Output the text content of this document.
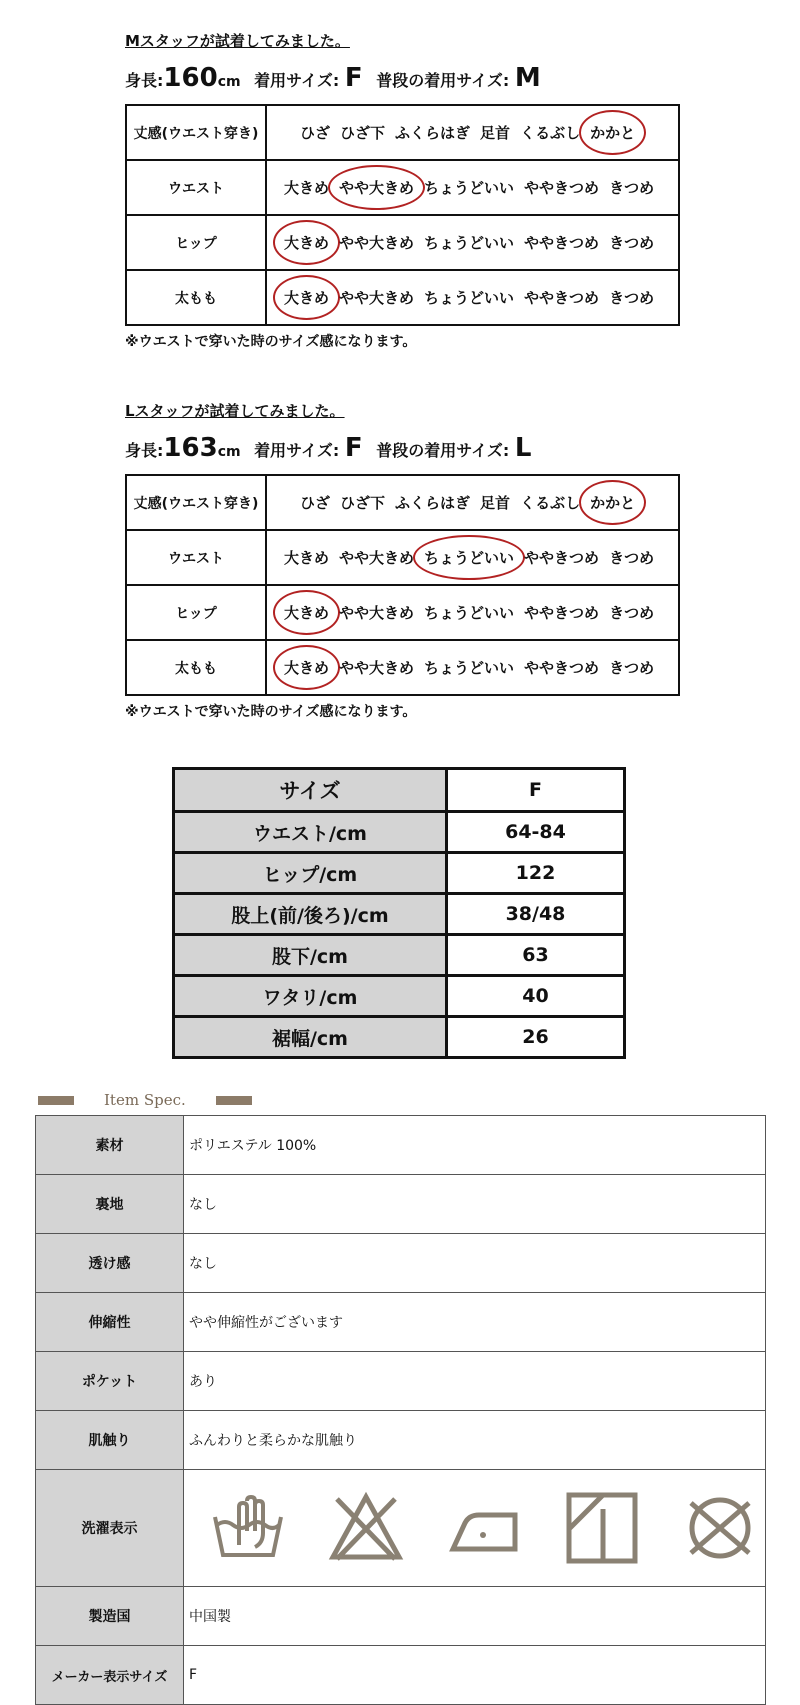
Mスタッフが試着してみました。

身長:160cm 着用サイズ: F 普段の着用サイズ: M
丈感(ウエスト穿き)	ひざ ひざ下 ふくらはぎ 足首 くるぶし かかと
ウエスト	大きめ やや大きめ ちょうどいい ややきつめ きつめ
ヒップ	大きめ やや大きめ ちょうどいい ややきつめ きつめ
太もも	大きめ やや大きめ ちょうどいい ややきつめ きつめ
※ウエストで穿いた時のサイズ感になります。

Lスタッフが試着してみました。

身長:163cm 着用サイズ: F 普段の着用サイズ: L
丈感(ウエスト穿き)	ひざ ひざ下 ふくらはぎ 足首 くるぶし かかと
ウエスト	大きめ やや大きめ ちょうどいい ややきつめ きつめ
ヒップ	大きめ やや大きめ ちょうどいい ややきつめ きつめ
太もも	大きめ やや大きめ ちょうどいい ややきつめ きつめ
※ウエストで穿いた時のサイズ感になります。
サイズ	F
ウエスト/cm	64-84
ヒップ/cm	122
股上(前/後ろ)/cm	38/48
股下/cm	63
ワタリ/cm	40
裾幅/cm	26
Item Spec.
素材	ポリエステル 100%
裏地	なし
透け感	なし
伸縮性	やや伸縮性がございます
ポケット	あり
肌触り	ふんわりと柔らかな肌触り
洗濯表示	

製造国	中国製
メーカー表示サイズ	F
